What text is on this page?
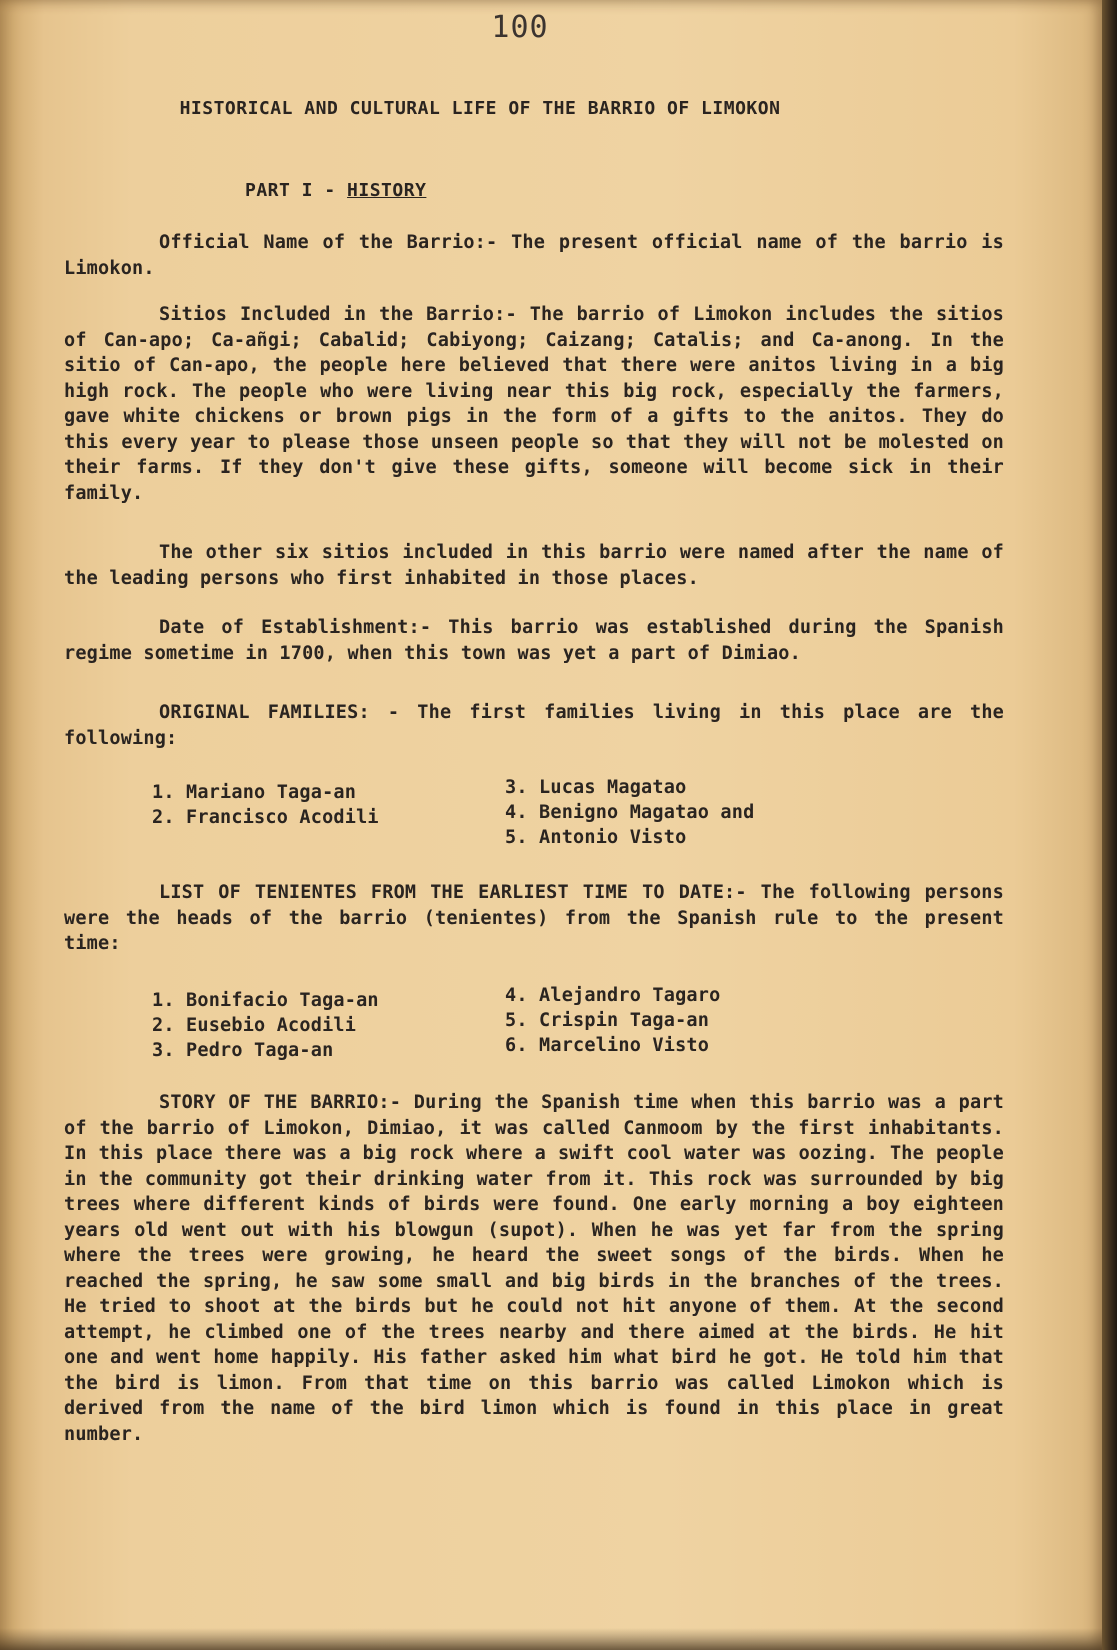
100
HISTORICAL AND CULTURAL LIFE OF THE BARRIO OF LIMOKON
PART I - HISTORY
Official Name of the Barrio:- The present official name of the barrio is Limokon.
Sitios Included in the Barrio:- The barrio of Limokon includes the sitios of Can-apo; Ca-añgi; Cabalid; Cabiyong; Caizang; Catalis; and Ca-anong. In the sitio of Can-apo, the people here believed that there were anitos living in a big high rock. The people who were living near this big rock, especially the farmers, gave white chickens or brown pigs in the form of a gifts to the anitos. They do this every year to please those unseen people so that they will not be molested on their farms. If they don't give these gifts, someone will become sick in their family.
The other six sitios included in this barrio were named after the name of the leading persons who first inhabited in those places.
Date of Establishment:- This barrio was established during the Spanish regime sometime in 1700, when this town was yet a part of Dimiao.
ORIGINAL FAMILIES: - The first families living in this place are the following:
1. Mariano Taga-an
2. Francisco Acodili
3. Lucas Magatao
4. Benigno Magatao and
5. Antonio Visto
LIST OF TENIENTES FROM THE EARLIEST TIME TO DATE:- The following persons were the heads of the barrio (tenientes) from the Spanish rule to the present time:
1. Bonifacio Taga-an
2. Eusebio Acodili
3. Pedro Taga-an
4. Alejandro Tagaro
5. Crispin Taga-an
6. Marcelino Visto
STORY OF THE BARRIO:- During the Spanish time when this barrio was a part of the barrio of Limokon, Dimiao, it was called Canmoom by the first inhabitants. In this place there was a big rock where a swift cool water was oozing. The people in the community got their drinking water from it. This rock was surrounded by big trees where different kinds of birds were found. One early morning a boy eighteen years old went out with his blowgun (supot). When he was yet far from the spring where the trees were growing, he heard the sweet songs of the birds. When he reached the spring, he saw some small and big birds in the branches of the trees. He tried to shoot at the birds but he could not hit anyone of them. At the second attempt, he climbed one of the trees nearby and there aimed at the birds. He hit one and went home happily. His father asked him what bird he got. He told him that the bird is limon. From that time on this barrio was called Limokon which is derived from the name of the bird limon which is found in this place in great number.
